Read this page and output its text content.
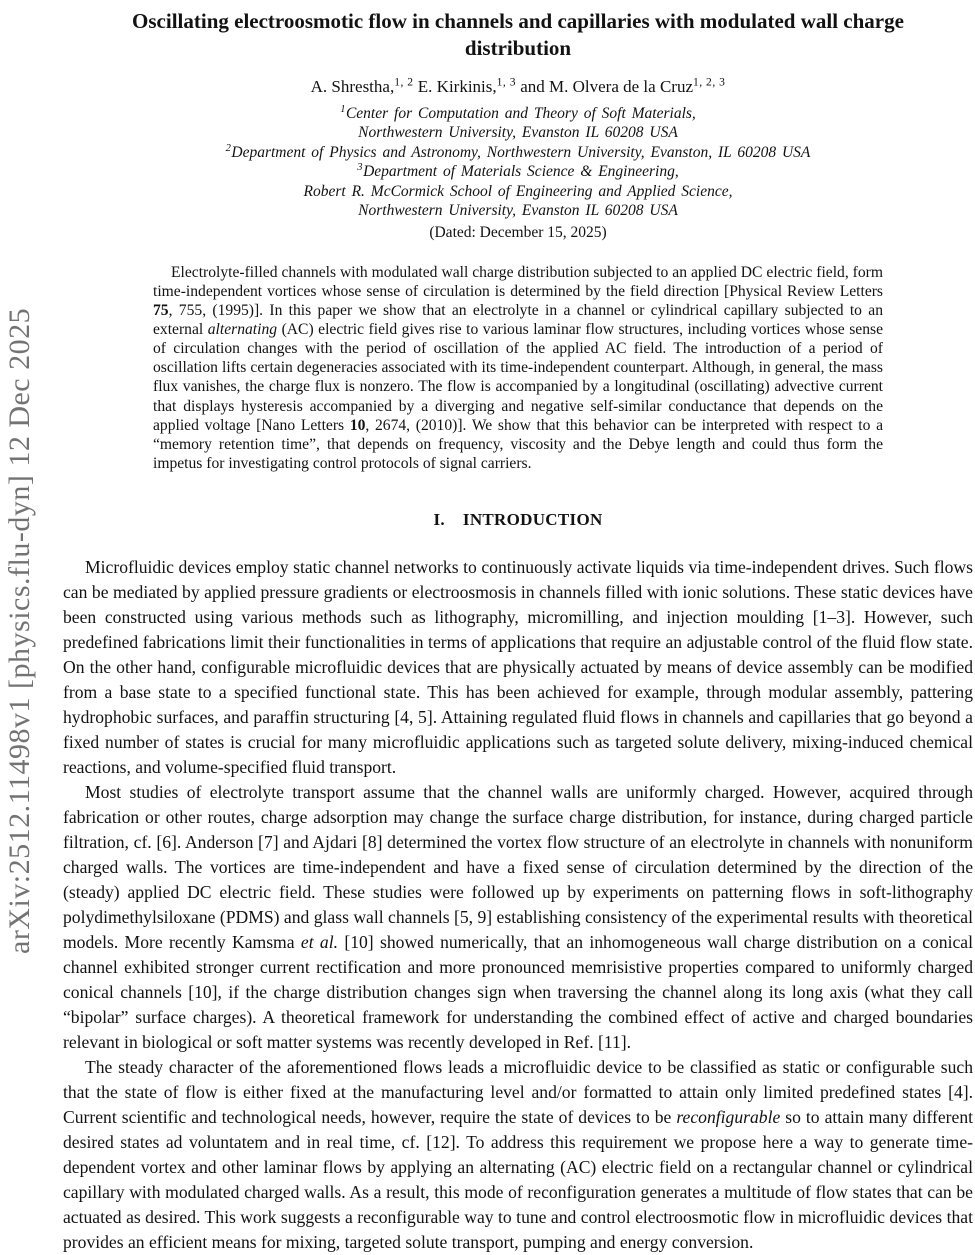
arXiv:2512.11498v1 [physics.flu-dyn] 12 Dec 2025
Oscillating electroosmotic flow in channels and capillaries with modulated wall charge distribution
A. Shrestha,$^{1, 2}$ E. Kirkinis,$^{1, 3}$ and M. Olvera de la Cruz$^{1, 2, 3}$
$^1$Center for Computation and Theory of Soft Materials,
Northwestern University, Evanston IL 60208 USA
$^2$Department of Physics and Astronomy, Northwestern University, Evanston, IL 60208 USA
$^3$Department of Materials Science & Engineering,
Robert R. McCormick School of Engineering and Applied Science,
Northwestern University, Evanston IL 60208 USA
(Dated: December 15, 2025)
Electrolyte-filled channels with modulated wall charge distribution subjected to an applied DC electric field, form time-independent vortices whose sense of circulation is determined by the field direction [Physical Review Letters 75, 755, (1995)]. In this paper we show that an electrolyte in a channel or cylindrical capillary subjected to an external alternating (AC) electric field gives rise to various laminar flow structures, including vortices whose sense of circulation changes with the period of oscillation of the applied AC field. The introduction of a period of oscillation lifts certain degeneracies associated with its time-independent counterpart. Although, in general, the mass flux vanishes, the charge flux is nonzero. The flow is accompanied by a longitudinal (oscillating) advective current that displays hysteresis accompanied by a diverging and negative self-similar conductance that depends on the applied voltage [Nano Letters 10, 2674, (2010)]. We show that this behavior can be interpreted with respect to a “memory retention time”, that depends on frequency, viscosity and the Debye length and could thus form the impetus for investigating control protocols of signal carriers.
I. INTRODUCTION

Microfluidic devices employ static channel networks to continuously activate liquids via time-independent drives. Such flows can be mediated by applied pressure gradients or electroosmosis in channels filled with ionic solutions. These static devices have been constructed using various methods such as lithography, micromilling, and injection moulding [1–3]. However, such predefined fabrications limit their functionalities in terms of applications that require an adjustable control of the fluid flow state. On the other hand, configurable microfluidic devices that are physically actuated by means of device assembly can be modified from a base state to a specified functional state. This has been achieved for example, through modular assembly, pattering hydrophobic surfaces, and paraffin structuring [4, 5]. Attaining regulated fluid flows in channels and capillaries that go beyond a fixed number of states is crucial for many microfluidic applications such as targeted solute delivery, mixing-induced chemical reactions, and volume-specified fluid transport.

Most studies of electrolyte transport assume that the channel walls are uniformly charged. However, acquired through fabrication or other routes, charge adsorption may change the surface charge distribution, for instance, during charged particle filtration, cf. [6]. Anderson [7] and Ajdari [8] determined the vortex flow structure of an electrolyte in channels with nonuniform charged walls. The vortices are time-independent and have a fixed sense of circulation determined by the direction of the (steady) applied DC electric field. These studies were followed up by experiments on patterning flows in soft-lithography polydimethylsiloxane (PDMS) and glass wall channels [5, 9] establishing consistency of the experimental results with theoretical models. More recently Kamsma et al. [10] showed numerically, that an inhomogeneous wall charge distribution on a conical channel exhibited stronger current rectification and more pronounced memrisistive properties compared to uniformly charged conical channels [10], if the charge distribution changes sign when traversing the channel along its long axis (what they call “bipolar” surface charges). A theoretical framework for understanding the combined effect of active and charged boundaries relevant in biological or soft matter systems was recently developed in Ref. [11].

The steady character of the aforementioned flows leads a microfluidic device to be classified as static or configurable such that the state of flow is either fixed at the manufacturing level and/or formatted to attain only limited predefined states [4]. Current scientific and technological needs, however, require the state of devices to be reconfigurable so to attain many different desired states ad voluntatem and in real time, cf. [12]. To address this requirement we propose here a way to generate time-dependent vortex and other laminar flows by applying an alternating (AC) electric field on a rectangular channel or cylindrical capillary with modulated charged walls. As a result, this mode of reconfiguration generates a multitude of flow states that can be actuated as desired. This work suggests a reconfigurable way to tune and control electroosmotic flow in microfluidic devices that provides an efficient means for mixing, targeted solute transport, pumping and energy conversion.
